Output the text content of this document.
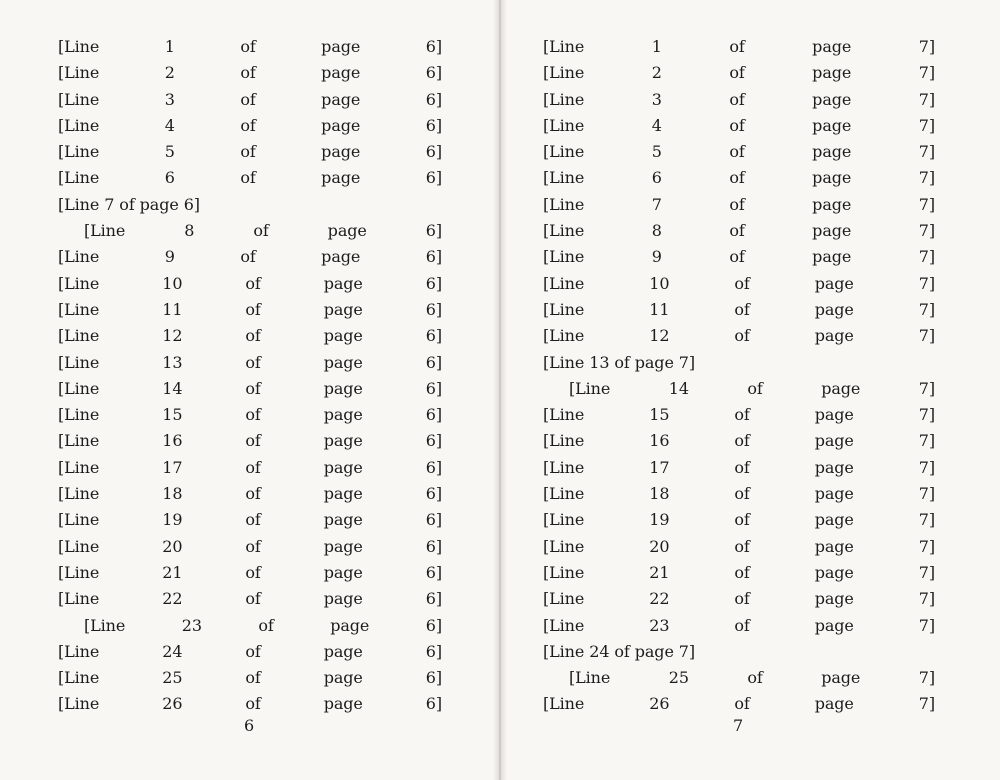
[Line 1 of page 6]
[Line 2 of page 6]
[Line 3 of page 6]
[Line 4 of page 6]
[Line 5 of page 6]
[Line 6 of page 6]
[Line 7 of page 6]
[Line 8 of page 6]
[Line 9 of page 6]
[Line 10 of page 6]
[Line 11 of page 6]
[Line 12 of page 6]
[Line 13 of page 6]
[Line 14 of page 6]
[Line 15 of page 6]
[Line 16 of page 6]
[Line 17 of page 6]
[Line 18 of page 6]
[Line 19 of page 6]
[Line 20 of page 6]
[Line 21 of page 6]
[Line 22 of page 6]
[Line 23 of page 6]
[Line 24 of page 6]
[Line 25 of page 6]
[Line 26 of page 6]
6
[Line 1 of page 7]
[Line 2 of page 7]
[Line 3 of page 7]
[Line 4 of page 7]
[Line 5 of page 7]
[Line 6 of page 7]
[Line 7 of page 7]
[Line 8 of page 7]
[Line 9 of page 7]
[Line 10 of page 7]
[Line 11 of page 7]
[Line 12 of page 7]
[Line 13 of page 7]
[Line 14 of page 7]
[Line 15 of page 7]
[Line 16 of page 7]
[Line 17 of page 7]
[Line 18 of page 7]
[Line 19 of page 7]
[Line 20 of page 7]
[Line 21 of page 7]
[Line 22 of page 7]
[Line 23 of page 7]
[Line 24 of page 7]
[Line 25 of page 7]
[Line 26 of page 7]
7
